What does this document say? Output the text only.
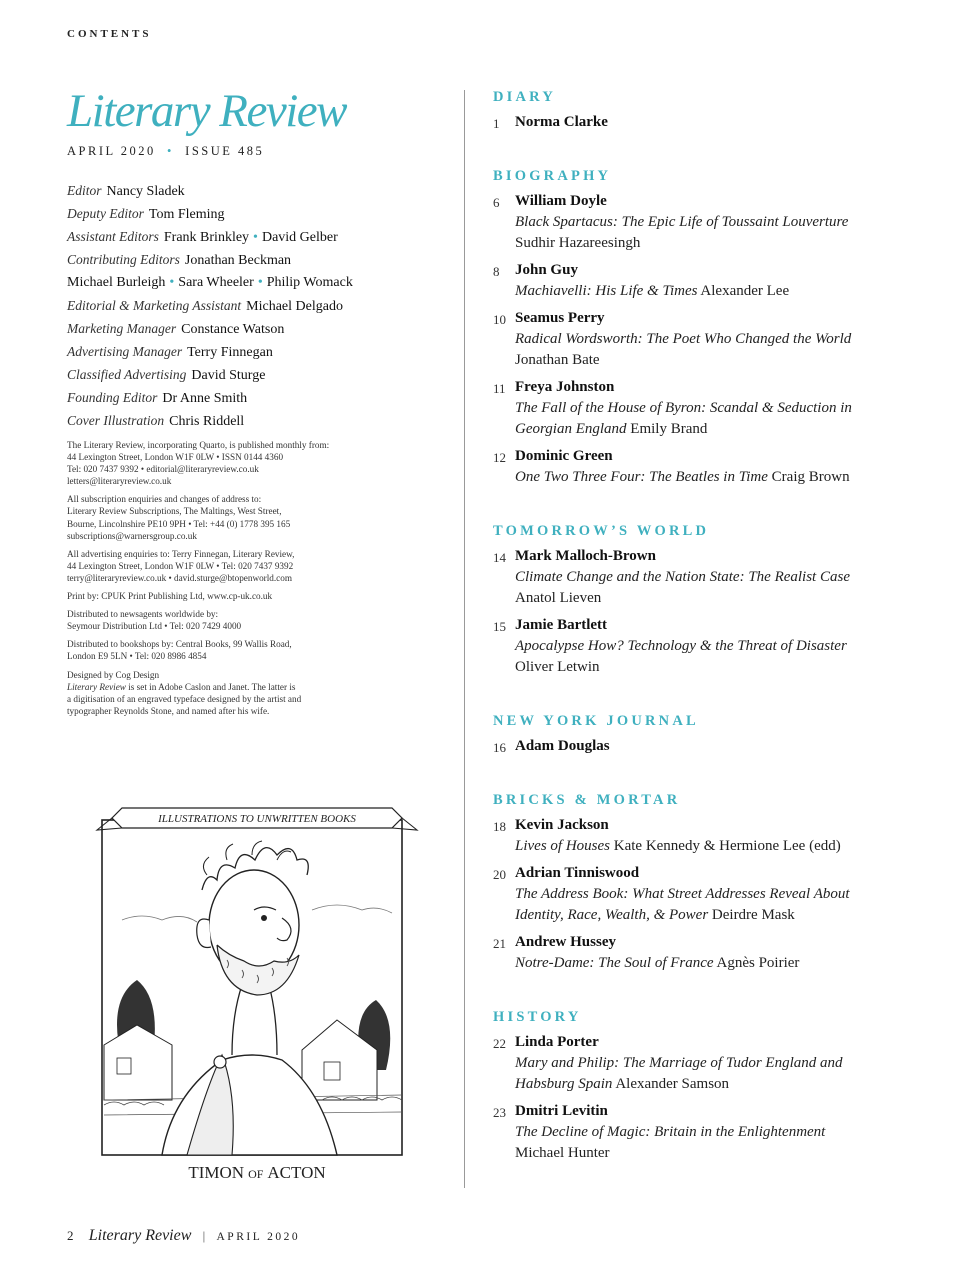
CONTENTS
Literary Review
APRIL 2020  •  ISSUE 485
Editor Nancy Sladek
Deputy Editor Tom Fleming
Assistant Editors Frank Brinkley • David Gelber
Contributing Editors Jonathan Beckman
Michael Burleigh • Sara Wheeler • Philip Womack
Editorial & Marketing Assistant Michael Delgado
Marketing Manager Constance Watson
Advertising Manager Terry Finnegan
Classified Advertising David Sturge
Founding Editor Dr Anne Smith
Cover Illustration Chris Riddell

The Literary Review, incorporating Quarto, is published monthly from:
44 Lexington Street, London W1F 0LW • ISSN 0144 4360
Tel: 020 7437 9392 • editorial@literaryreview.co.uk
letters@literaryreview.co.uk

All subscription enquiries and changes of address to:
Literary Review Subscriptions, The Maltings, West Street,
Bourne, Lincolnshire PE10 9PH • Tel: +44 (0) 1778 395 165
subscriptions@warnersgroup.co.uk

All advertising enquiries to: Terry Finnegan, Literary Review,
44 Lexington Street, London W1F 0LW • Tel: 020 7437 9392
terry@literaryreview.co.uk • david.sturge@btopenworld.com

Print by: CPUK Print Publishing Ltd, www.cp-uk.co.uk

Distributed to newsagents worldwide by:
Seymour Distribution Ltd • Tel: 020 7429 4000

Distributed to bookshops by: Central Books, 99 Wallis Road,
London E9 5LN • Tel: 020 8986 4854

Designed by Cog Design
Literary Review is set in Adobe Caslon and Janet. The latter is
a digitisation of an engraved typeface designed by the artist and
typographer Reynolds Stone, and named after his wife.

ILLUSTRATIONS TO UNWRITTEN BOOKS
TIMON OF ACTON
DIARY
1 Norma Clarke
BIOGRAPHY
6 William Doyle
Black Spartacus: The Epic Life of Toussaint Louverture
Sudhir Hazareesingh
8 John Guy
Machiavelli: His Life & Times Alexander Lee
10 Seamus Perry
Radical Wordsworth: The Poet Who Changed the World
Jonathan Bate
11 Freya Johnston
The Fall of the House of Byron: Scandal & Seduction in
Georgian England Emily Brand
12 Dominic Green
One Two Three Four: The Beatles in Time Craig Brown
TOMORROW’S WORLD
14 Mark Malloch-Brown
Climate Change and the Nation State: The Realist Case
Anatol Lieven
15 Jamie Bartlett
Apocalypse How? Technology & the Threat of Disaster
Oliver Letwin
NEW YORK JOURNAL
16 Adam Douglas
BRICKS & MORTAR
18 Kevin Jackson
Lives of Houses Kate Kennedy & Hermione Lee (edd)
20 Adrian Tinniswood
The Address Book: What Street Addresses Reveal About
Identity, Race, Wealth, & Power Deirdre Mask
21 Andrew Hussey
Notre-Dame: The Soul of France Agnès Poirier
HISTORY
22 Linda Porter
Mary and Philip: The Marriage of Tudor England and
Habsburg Spain Alexander Samson
23 Dmitri Levitin
The Decline of Magic: Britain in the Enlightenment
Michael Hunter
2 Literary Review | APRIL 2020
